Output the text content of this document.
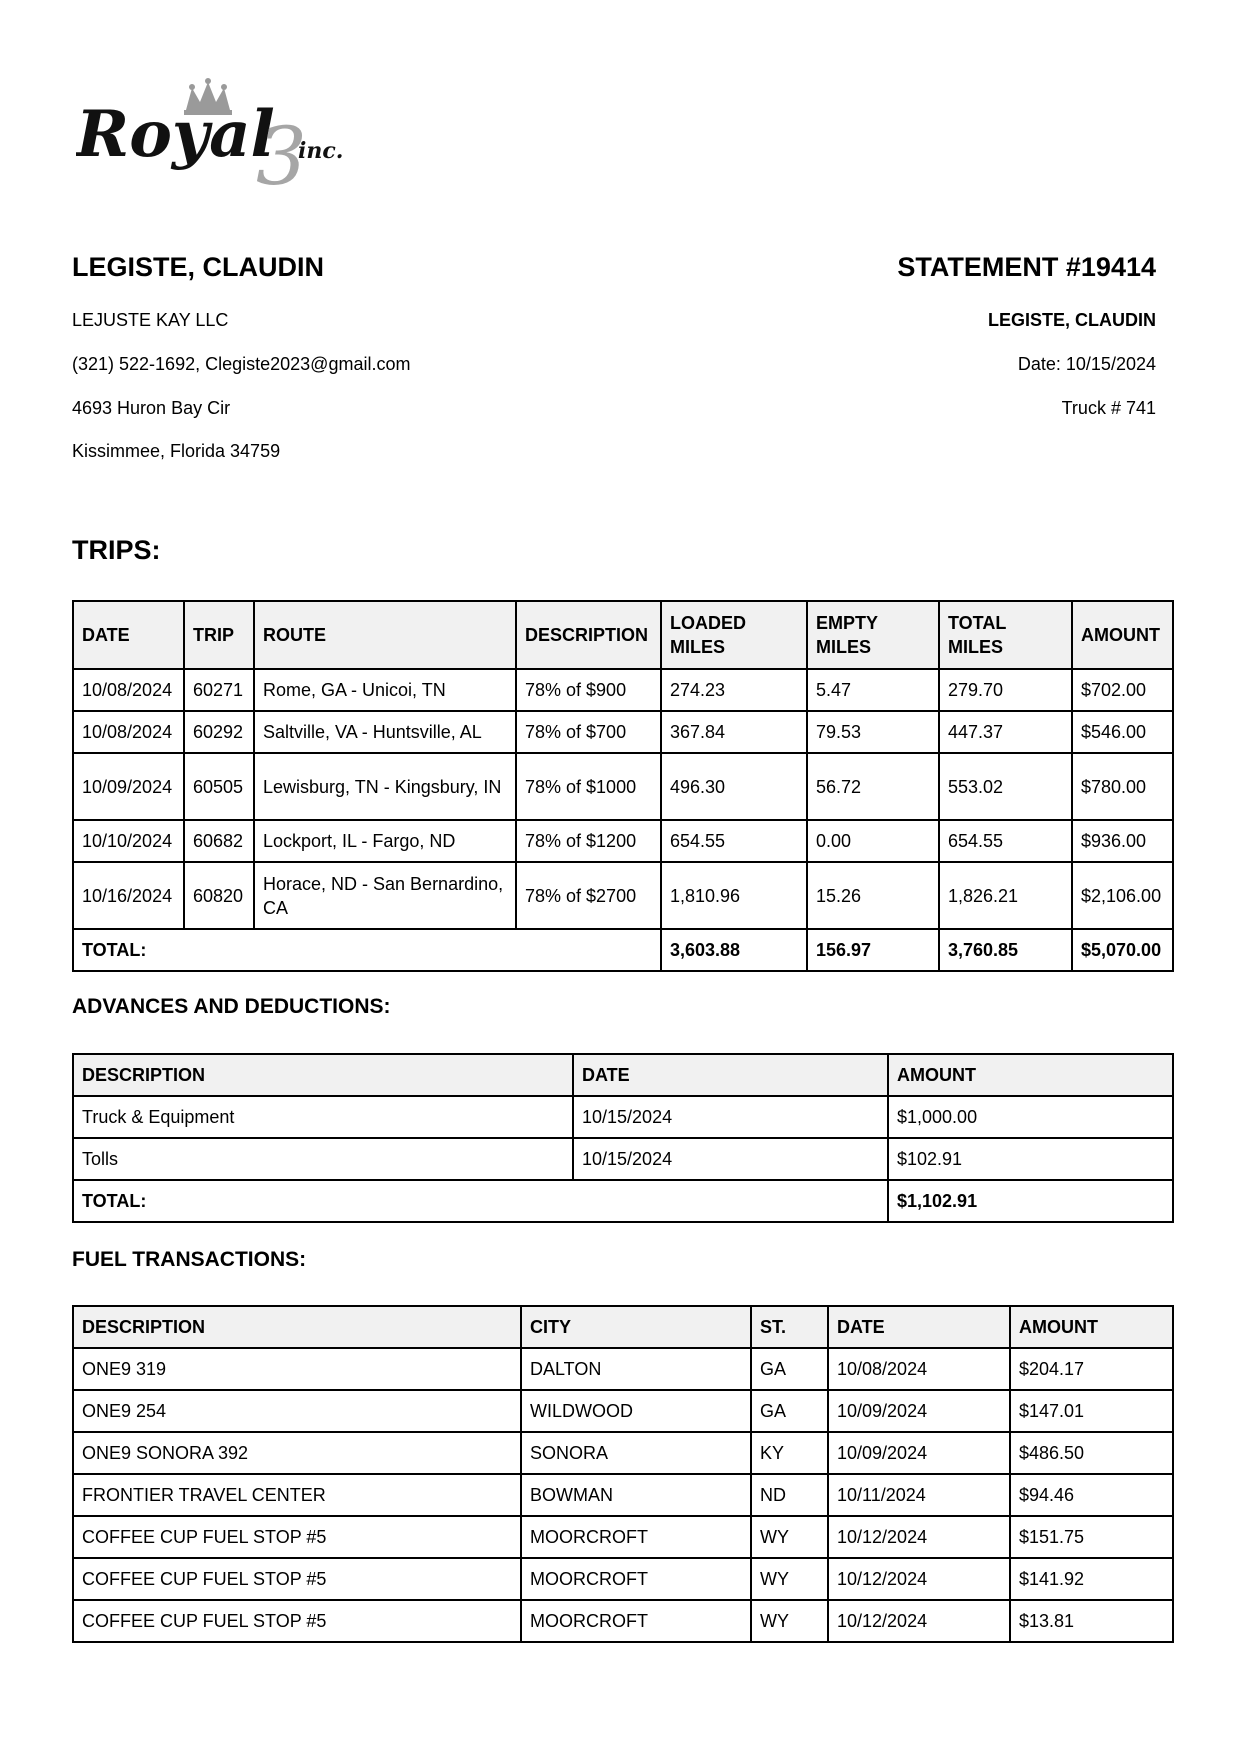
Royal
3
inc.
LEGISTE, CLAUDIN	STATEMENT #19414
LEJUSTE KAY LLC
(321) 522-1692, Clegiste2023@gmail.com
4693 Huron Bay Cir
Kissimmee, Florida 34759
LEGISTE, CLAUDIN
Date: 10/15/2024
Truck # 741
TRIPS:
DATE	TRIP	ROUTE	DESCRIPTION	LOADED MILES	EMPTY MILES	TOTAL MILES	AMOUNT
10/08/2024	60271	Rome, GA - Unicoi, TN	78% of $900	274.23	5.47	279.70	$702.00
10/08/2024	60292	Saltville, VA - Huntsville, AL	78% of $700	367.84	79.53	447.37	$546.00
10/09/2024	60505	Lewisburg, TN - Kingsbury, IN	78% of $1000	496.30	56.72	553.02	$780.00
10/10/2024	60682	Lockport, IL - Fargo, ND	78% of $1200	654.55	0.00	654.55	$936.00
10/16/2024	60820	Horace, ND - San Bernardino, CA	78% of $2700	1,810.96	15.26	1,826.21	$2,106.00
TOTAL:				3,603.88	156.97	3,760.85	$5,070.00
ADVANCES AND DEDUCTIONS:
DESCRIPTION	DATE	AMOUNT
Truck & Equipment	10/15/2024	$1,000.00
Tolls	10/15/2024	$102.91
TOTAL:		$1,102.91
FUEL TRANSACTIONS:
DESCRIPTION	CITY	ST.	DATE	AMOUNT
ONE9 319	DALTON	GA	10/08/2024	$204.17
ONE9 254	WILDWOOD	GA	10/09/2024	$147.01
ONE9 SONORA 392	SONORA	KY	10/09/2024	$486.50
FRONTIER TRAVEL CENTER	BOWMAN	ND	10/11/2024	$94.46
COFFEE CUP FUEL STOP #5	MOORCROFT	WY	10/12/2024	$151.75
COFFEE CUP FUEL STOP #5	MOORCROFT	WY	10/12/2024	$141.92
COFFEE CUP FUEL STOP #5	MOORCROFT	WY	10/12/2024	$13.81
